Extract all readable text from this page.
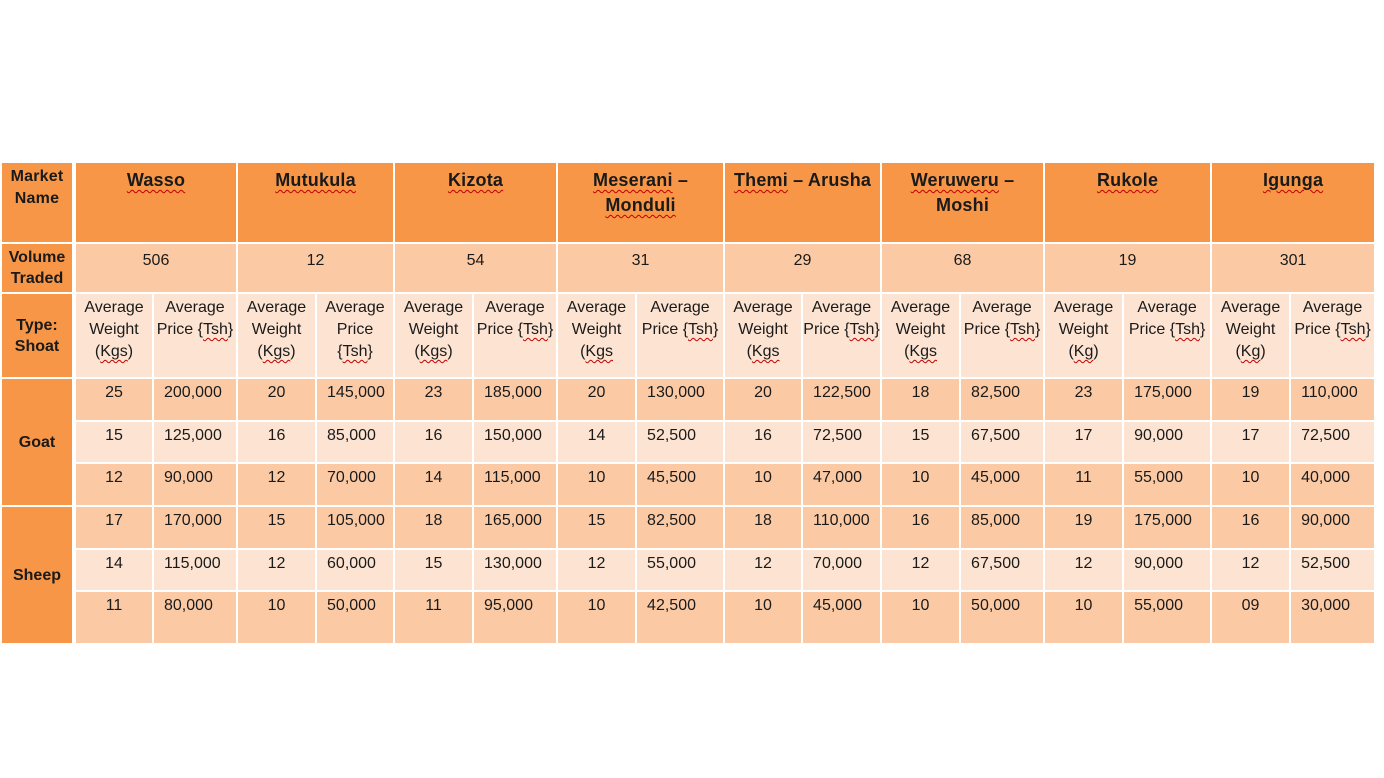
Market Name	Wasso		Mutukula		Kizota		Meserani – Monduli		Themi – Arusha		Weruweru – Moshi		Rukole		Igunga	
Volume Traded	506		12		54		31		29		68		19		301	
Type: Shoat	Average Weight (Kgs)	Average Price {Tsh}	Average Weight (Kgs)	Average Price {Tsh}	Average Weight (Kgs)	Average Price {Tsh}	Average Weight (Kgs	Average Price {Tsh}	Average Weight (Kgs	Average Price {Tsh}	Average Weight (Kgs	Average Price {Tsh}	Average Weight (Kg)	Average Price {Tsh}	Average Weight (Kg)	Average Price {Tsh}
Goat	25	200,000	20	145,000	23	185,000	20	130,000	20	122,500	18	82,500	23	175,000	19	110,000
	15	125,000	16	85,000	16	150,000	14	52,500	16	72,500	15	67,500	17	90,000	17	72,500
	12	90,000	12	70,000	14	115,000	10	45,500	10	47,000	10	45,000	11	55,000	10	40,000
Sheep	17	170,000	15	105,000	18	165,000	15	82,500	18	110,000	16	85,000	19	175,000	16	90,000
	14	115,000	12	60,000	15	130,000	12	55,000	12	70,000	12	67,500	12	90,000	12	52,500
	11	80,000	10	50,000	11	95,000	10	42,500	10	45,000	10	50,000	10	55,000	09	30,000
